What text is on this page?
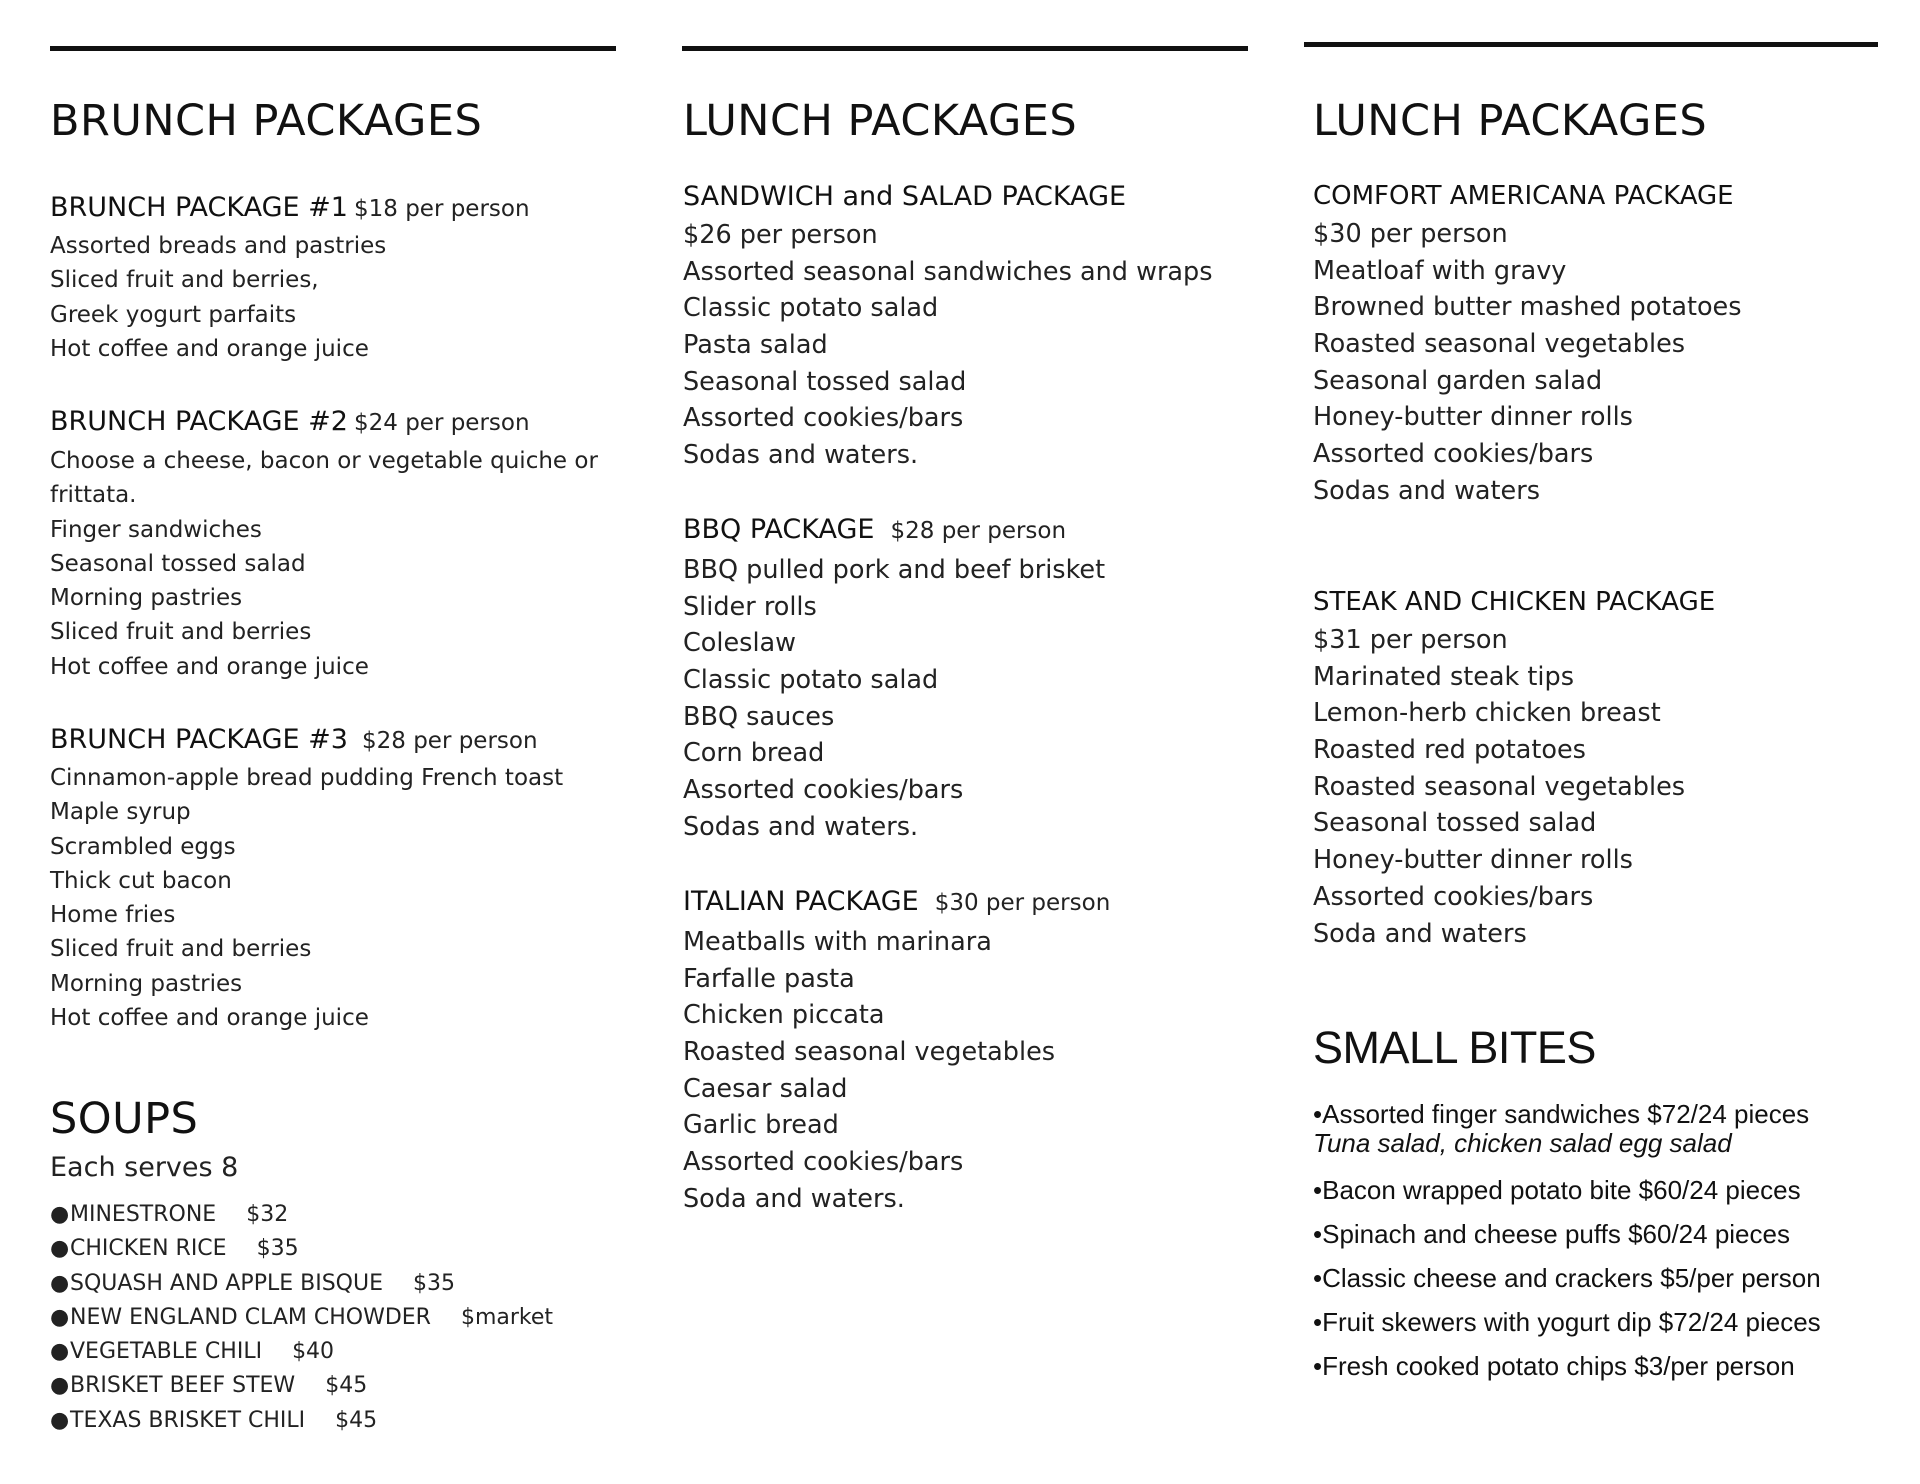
BRUNCH PACKAGES
BRUNCH PACKAGE #1 $18 per person
Assorted breads and pastries
Sliced fruit and berries,
Greek yogurt parfaits
Hot coffee and orange juice
BRUNCH PACKAGE #2 $24 per person
Choose a cheese, bacon or vegetable quiche or
frittata.
Finger sandwiches
Seasonal tossed salad
Morning pastries
Sliced fruit and berries
Hot coffee and orange juice
BRUNCH PACKAGE #3 $28 per person
Cinnamon-apple bread pudding French toast
Maple syrup
Scrambled eggs
Thick cut bacon
Home fries
Sliced fruit and berries
Morning pastries
Hot coffee and orange juice
SOUPS
Each serves 8
●MINESTRONE $32
●CHICKEN RICE $35
●SQUASH AND APPLE BISQUE $35
●NEW ENGLAND CLAM CHOWDER $market
●VEGETABLE CHILI $40
●BRISKET BEEF STEW $45
●TEXAS BRISKET CHILI $45
LUNCH PACKAGES
SANDWICH and SALAD PACKAGE
$26 per person
Assorted seasonal sandwiches and wraps
Classic potato salad
Pasta salad
Seasonal tossed salad
Assorted cookies/bars
Sodas and waters.
BBQ PACKAGE $28 per person
BBQ pulled pork and beef brisket
Slider rolls
Coleslaw
Classic potato salad
BBQ sauces
Corn bread
Assorted cookies/bars
Sodas and waters.
ITALIAN PACKAGE $30 per person
Meatballs with marinara
Farfalle pasta
Chicken piccata
Roasted seasonal vegetables
Caesar salad
Garlic bread
Assorted cookies/bars
Soda and waters.
LUNCH PACKAGES
COMFORT AMERICANA PACKAGE
$30 per person
Meatloaf with gravy
Browned butter mashed potatoes
Roasted seasonal vegetables
Seasonal garden salad
Honey-butter dinner rolls
Assorted cookies/bars
Sodas and waters
STEAK AND CHICKEN PACKAGE
$31 per person
Marinated steak tips
Lemon-herb chicken breast
Roasted red potatoes
Roasted seasonal vegetables
Seasonal tossed salad
Honey-butter dinner rolls
Assorted cookies/bars
Soda and waters
SMALL BITES
•Assorted finger sandwiches $72/24 pieces
Tuna salad, chicken salad egg salad
•Bacon wrapped potato bite $60/24 pieces
•Spinach and cheese puffs $60/24 pieces
•Classic cheese and crackers $5/per person
•Fruit skewers with yogurt dip $72/24 pieces
•Fresh cooked potato chips $3/per person
